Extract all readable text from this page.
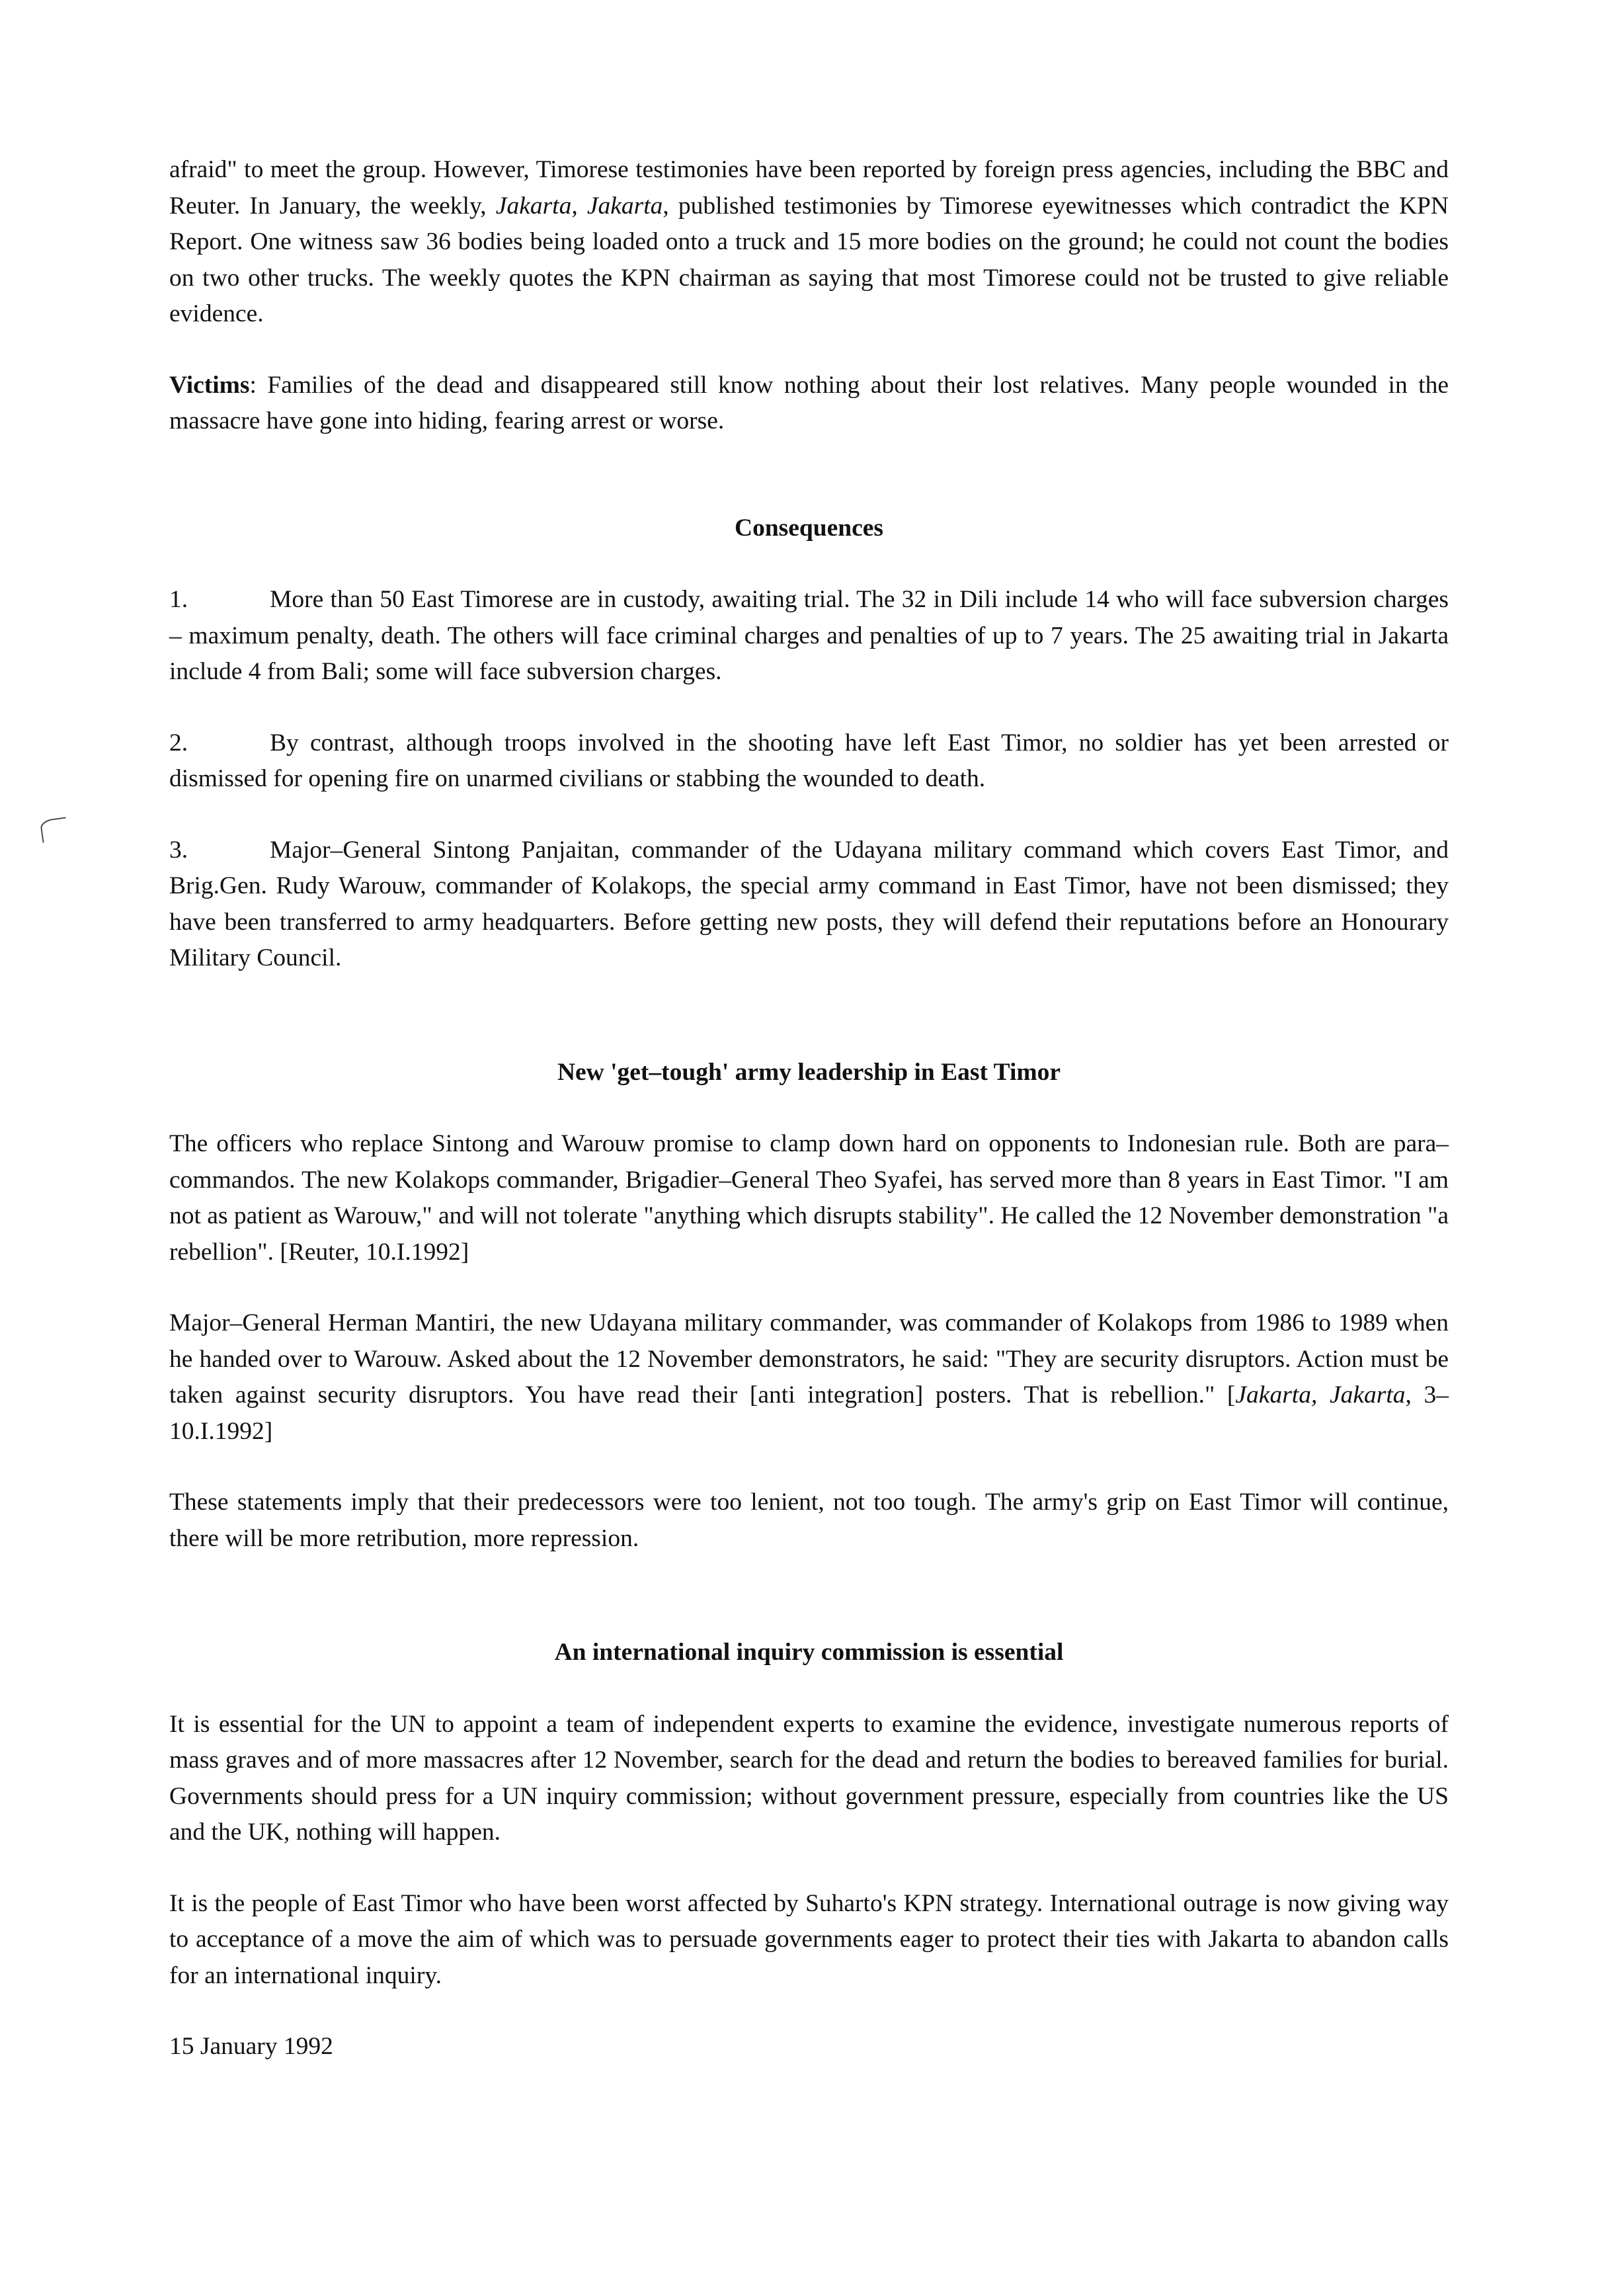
afraid" to meet the group. However, Timorese testimonies have been reported by foreign press agencies, including the BBC and Reuter. In January, the weekly, Jakarta, Jakarta, published testimonies by Timorese eyewitnesses which contradict the KPN Report. One witness saw 36 bodies being loaded onto a truck and 15 more bodies on the ground; he could not count the bodies on two other trucks. The weekly quotes the KPN chairman as saying that most Timorese could not be trusted to give reliable evidence.

Victims: Families of the dead and disappeared still know nothing about their lost relatives. Many people wounded in the massacre have gone into hiding, fearing arrest or worse.

Consequences

1.	More than 50 East Timorese are in custody, awaiting trial. The 32 in Dili include 14 who will face subversion charges – maximum penalty, death. The others will face criminal charges and penalties of up to 7 years. The 25 awaiting trial in Jakarta include 4 from Bali; some will face subversion charges.

2.	By contrast, although troops involved in the shooting have left East Timor, no soldier has yet been arrested or dismissed for opening fire on unarmed civilians or stabbing the wounded to death.

3.	Major–General Sintong Panjaitan, commander of the Udayana military command which covers East Timor, and Brig.Gen. Rudy Warouw, commander of Kolakops, the special army command in East Timor, have not been dismissed; they have been transferred to army headquarters. Before getting new posts, they will defend their reputations before an Honourary Military Council.

New 'get–tough' army leadership in East Timor

The officers who replace Sintong and Warouw promise to clamp down hard on opponents to Indonesian rule. Both are para–commandos. The new Kolakops commander, Brigadier–General Theo Syafei, has served more than 8 years in East Timor. "I am not as patient as Warouw," and will not tolerate "anything which disrupts stability". He called the 12 November demonstration "a rebellion". [Reuter, 10.I.1992]

Major–General Herman Mantiri, the new Udayana military commander, was commander of Kolakops from 1986 to 1989 when he handed over to Warouw. Asked about the 12 November demonstrators, he said: "They are security disruptors. Action must be taken against security disruptors. You have read their [anti integration] posters. That is rebellion." [Jakarta, Jakarta, 3–10.I.1992]

These statements imply that their predecessors were too lenient, not too tough. The army's grip on East Timor will continue, there will be more retribution, more repression.

An international inquiry commission is essential

It is essential for the UN to appoint a team of independent experts to examine the evidence, investigate numerous reports of mass graves and of more massacres after 12 November, search for the dead and return the bodies to bereaved families for burial. Governments should press for a UN inquiry commission; without government pressure, especially from countries like the US and the UK, nothing will happen.

It is the people of East Timor who have been worst affected by Suharto's KPN strategy. International outrage is now giving way to acceptance of a move the aim of which was to persuade governments eager to protect their ties with Jakarta to abandon calls for an international inquiry.

15 January 1992
